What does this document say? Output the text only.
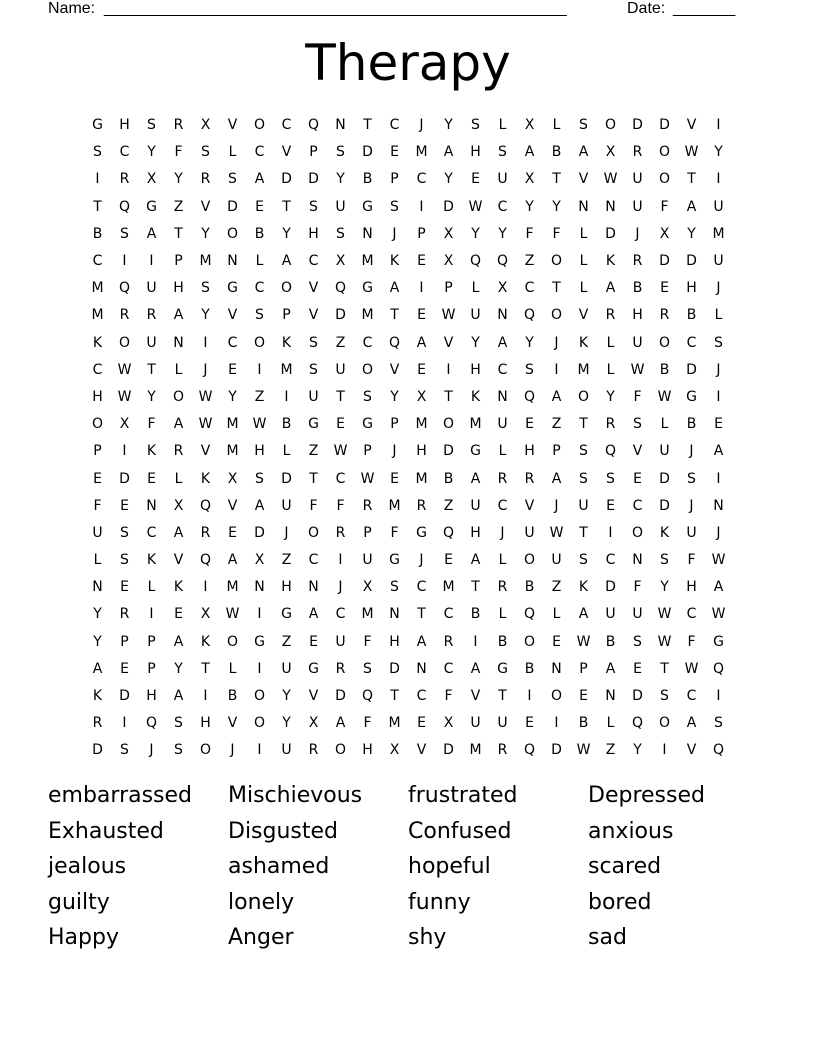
Name: ____________________________________________________	Date: _______
Therapy
G	H	S	R	X	V	O	C	Q	N	T	C	J	Y	S	L	X	L	S	O	D	D	V	I
S	C	Y	F	S	L	C	V	P	S	D	E	M	A	H	S	A	B	A	X	R	O	W	Y
I	R	X	Y	R	S	A	D	D	Y	B	P	C	Y	E	U	X	T	V	W	U	O	T	I
T	Q	G	Z	V	D	E	T	S	U	G	S	I	D	W	C	Y	Y	N	N	U	F	A	U
B	S	A	T	Y	O	B	Y	H	S	N	J	P	X	Y	Y	F	F	L	D	J	X	Y	M
C	I	I	P	M	N	L	A	C	X	M	K	E	X	Q	Q	Z	O	L	K	R	D	D	U
M	Q	U	H	S	G	C	O	V	Q	G	A	I	P	L	X	C	T	L	A	B	E	H	J
M	R	R	A	Y	V	S	P	V	D	M	T	E	W	U	N	Q	O	V	R	H	R	B	L
K	O	U	N	I	C	O	K	S	Z	C	Q	A	V	Y	A	Y	J	K	L	U	O	C	S
C	W	T	L	J	E	I	M	S	U	O	V	E	I	H	C	S	I	M	L	W	B	D	J
H	W	Y	O	W	Y	Z	I	U	T	S	Y	X	T	K	N	Q	A	O	Y	F	W	G	I
O	X	F	A	W	M	W	B	G	E	G	P	M	O	M	U	E	Z	T	R	S	L	B	E
P	I	K	R	V	M	H	L	Z	W	P	J	H	D	G	L	H	P	S	Q	V	U	J	A
E	D	E	L	K	X	S	D	T	C	W	E	M	B	A	R	R	A	S	S	E	D	S	I
F	E	N	X	Q	V	A	U	F	F	R	M	R	Z	U	C	V	J	U	E	C	D	J	N
U	S	C	A	R	E	D	J	O	R	P	F	G	Q	H	J	U	W	T	I	O	K	U	J
L	S	K	V	Q	A	X	Z	C	I	U	G	J	E	A	L	O	U	S	C	N	S	F	W
N	E	L	K	I	M	N	H	N	J	X	S	C	M	T	R	B	Z	K	D	F	Y	H	A
Y	R	I	E	X	W	I	G	A	C	M	N	T	C	B	L	Q	L	A	U	U	W	C	W
Y	P	P	A	K	O	G	Z	E	U	F	H	A	R	I	B	O	E	W	B	S	W	F	G
A	E	P	Y	T	L	I	U	G	R	S	D	N	C	A	G	B	N	P	A	E	T	W	Q
K	D	H	A	I	B	O	Y	V	D	Q	T	C	F	V	T	I	O	E	N	D	S	C	I
R	I	Q	S	H	V	O	Y	X	A	F	M	E	X	U	U	E	I	B	L	Q	O	A	S
D	S	J	S	O	J	I	U	R	O	H	X	V	D	M	R	Q	D	W	Z	Y	I	V	Q
embarrassed	Mischievous	frustrated	Depressed
Exhausted	Disgusted	Confused	anxious
jealous	ashamed	hopeful	scared
guilty	lonely	funny	bored
Happy	Anger	shy	sad
